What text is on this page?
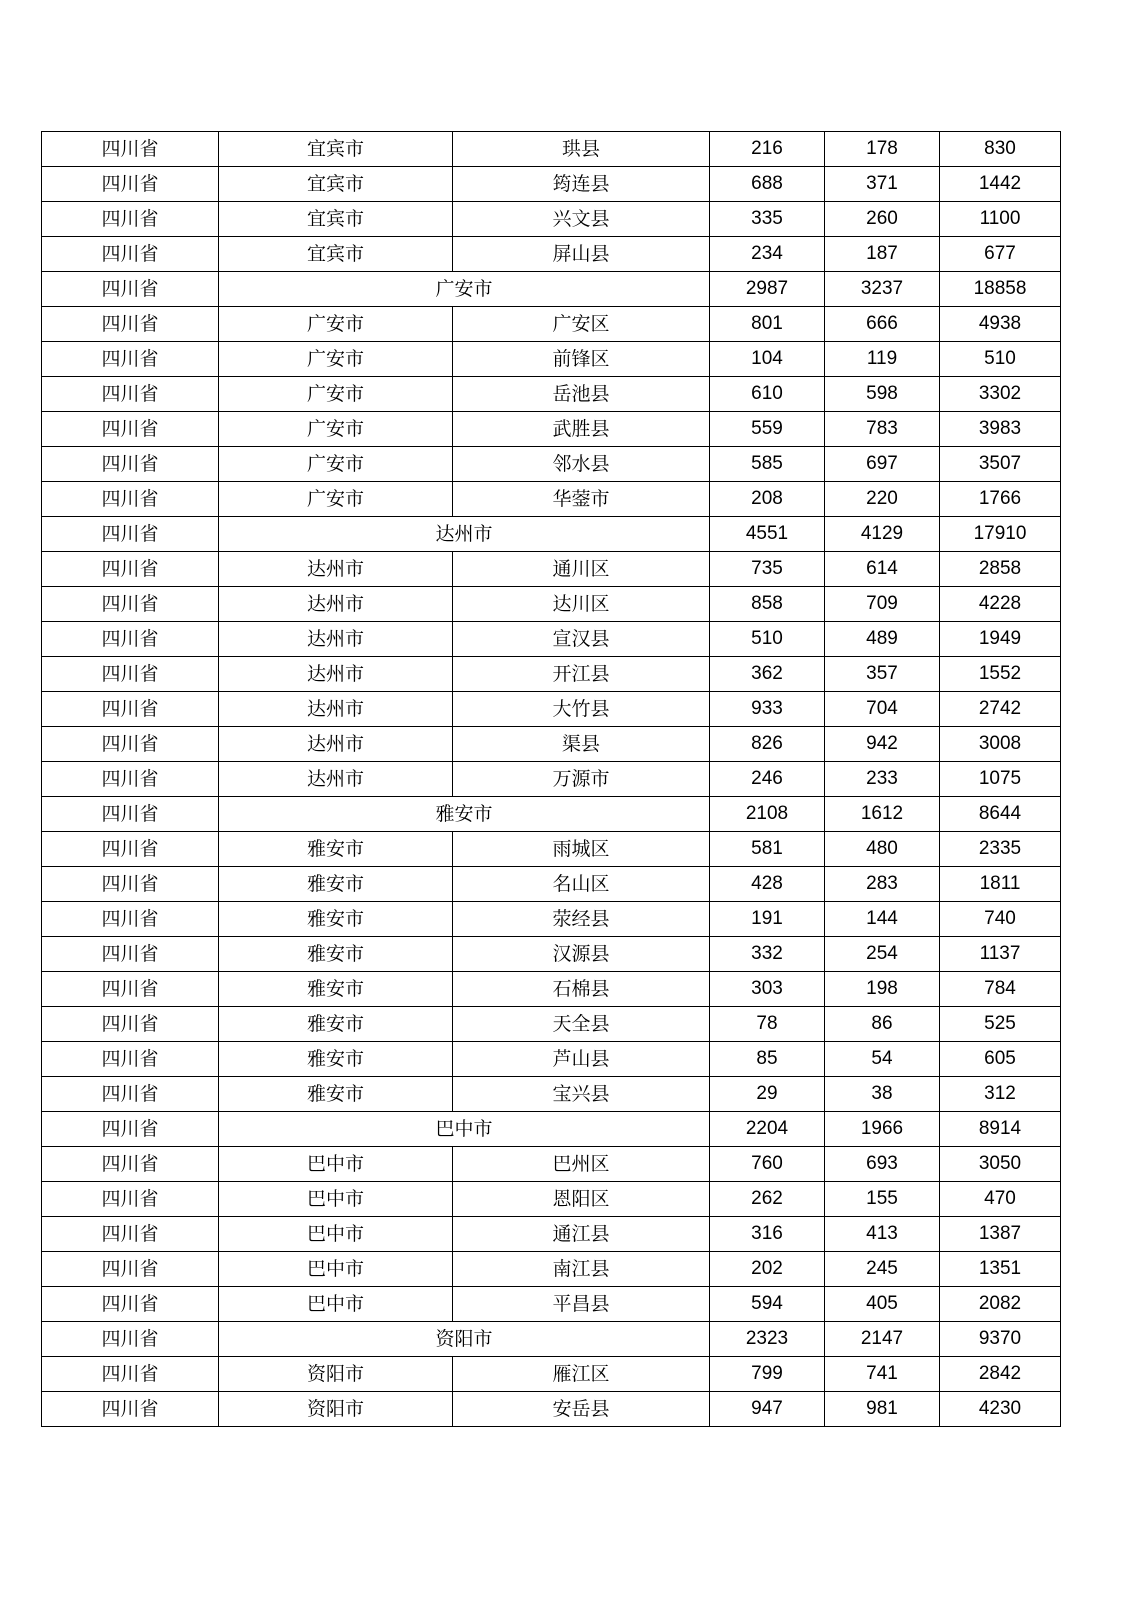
四川省	宜宾市	珙县	216	178	830
四川省	宜宾市	筠连县	688	371	1442
四川省	宜宾市	兴文县	335	260	1100
四川省	宜宾市	屏山县	234	187	677
四川省	广安市		2987	3237	18858
四川省	广安市	广安区	801	666	4938
四川省	广安市	前锋区	104	119	510
四川省	广安市	岳池县	610	598	3302
四川省	广安市	武胜县	559	783	3983
四川省	广安市	邻水县	585	697	3507
四川省	广安市	华蓥市	208	220	1766
四川省	达州市		4551	4129	17910
四川省	达州市	通川区	735	614	2858
四川省	达州市	达川区	858	709	4228
四川省	达州市	宣汉县	510	489	1949
四川省	达州市	开江县	362	357	1552
四川省	达州市	大竹县	933	704	2742
四川省	达州市	渠县	826	942	3008
四川省	达州市	万源市	246	233	1075
四川省	雅安市		2108	1612	8644
四川省	雅安市	雨城区	581	480	2335
四川省	雅安市	名山区	428	283	1811
四川省	雅安市	荥经县	191	144	740
四川省	雅安市	汉源县	332	254	1137
四川省	雅安市	石棉县	303	198	784
四川省	雅安市	天全县	78	86	525
四川省	雅安市	芦山县	85	54	605
四川省	雅安市	宝兴县	29	38	312
四川省	巴中市		2204	1966	8914
四川省	巴中市	巴州区	760	693	3050
四川省	巴中市	恩阳区	262	155	470
四川省	巴中市	通江县	316	413	1387
四川省	巴中市	南江县	202	245	1351
四川省	巴中市	平昌县	594	405	2082
四川省	资阳市		2323	2147	9370
四川省	资阳市	雁江区	799	741	2842
四川省	资阳市	安岳县	947	981	4230
